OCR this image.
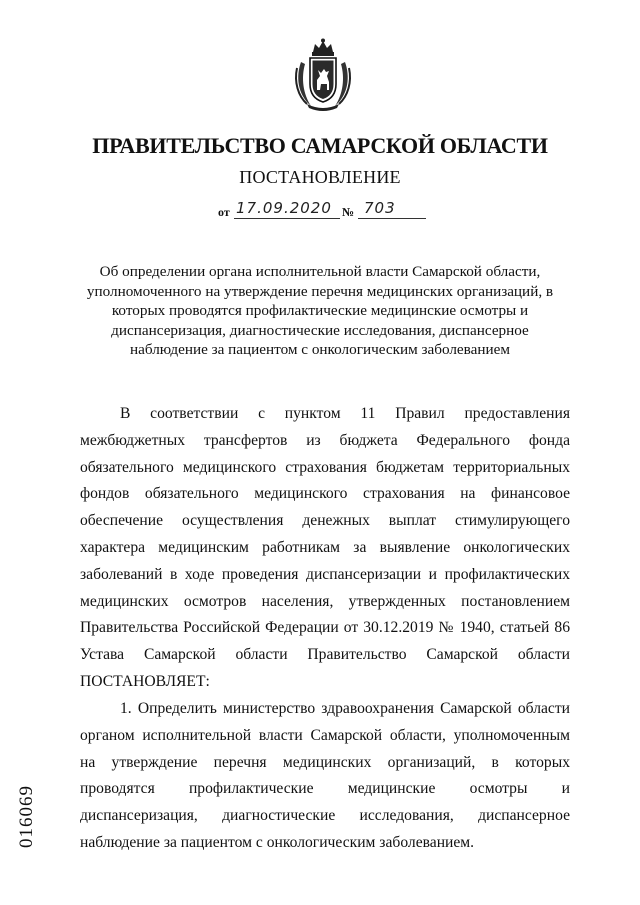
ПРАВИТЕЛЬСТВО САМАРСКОЙ ОБЛАСТИ
ПОСТАНОВЛЕНИЕ
от 17.09.2020 № 703
Об определении органа исполнительной власти Самарской области, уполномоченного на утверждение перечня медицинских организаций, в которых проводятся профилактические медицинские осмотры и диспансеризация, диагностические исследования, диспансерное наблюдение за пациентом с онкологическим заболеванием
В соответствии с пунктом 11 Правил предоставления межбюджетных трансфертов из бюджета Федерального фонда обязательного медицинского страхования бюджетам территориальных фондов обязательного медицинского страхования на финансовое обеспечение осуществления денежных выплат стимулирующего характера медицинским работникам за выявление онкологических заболеваний в ходе проведения диспансеризации и профилактических медицинских осмотров населения, утвержденных постановлением Правительства Российской Федерации от 30.12.2019 № 1940, статьей 86 Устава Самарской области Правительство Самарской области ПОСТАНОВЛЯЕТ:
1. Определить министерство здравоохранения Самарской области органом исполнительной власти Самарской области, уполномоченным на утверждение перечня медицинских организаций, в которых проводятся профилактические медицинские осмотры и диспансеризация, диагностические исследования, диспансерное наблюдение за пациентом с онкологическим заболеванием.
016069
